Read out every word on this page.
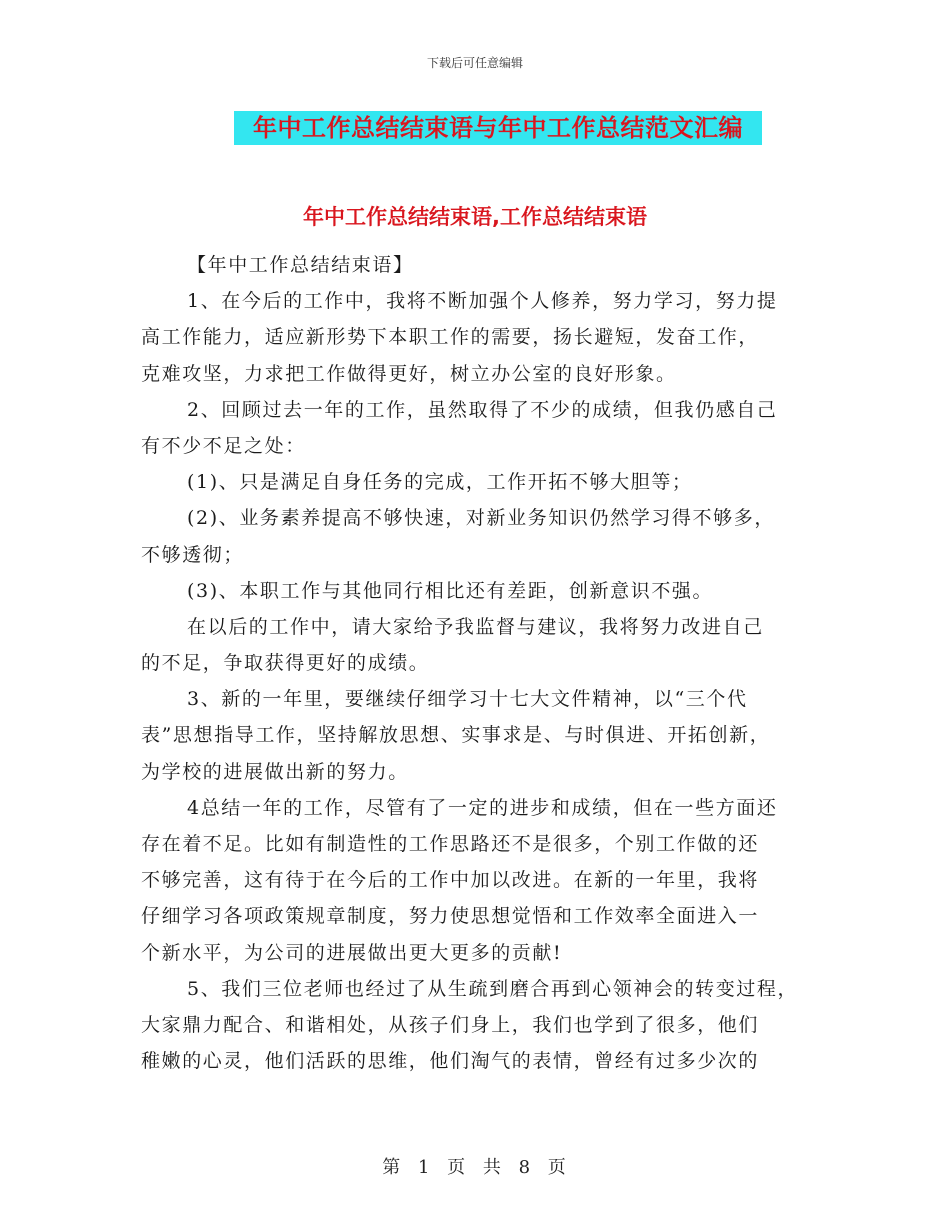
下载后可任意编辑
年中工作总结结束语与年中工作总结范文汇编
年中工作总结结束语,工作总结结束语
【年中工作总结结束语】
1、在今后的工作中，我将不断加强个人修养，努力学习，努力提
高工作能力，适应新形势下本职工作的需要，扬长避短，发奋工作，
克难攻坚，力求把工作做得更好，树立办公室的良好形象。
2、回顾过去一年的工作，虽然取得了不少的成绩，但我仍感自己
有不少不足之处：
(1)、只是满足自身任务的完成，工作开拓不够大胆等；
(2)、业务素养提高不够快速，对新业务知识仍然学习得不够多，
不够透彻；
(3)、本职工作与其他同行相比还有差距，创新意识不强。
在以后的工作中，请大家给予我监督与建议，我将努力改进自己
的不足，争取获得更好的成绩。
3、新的一年里，要继续仔细学习十七大文件精神，以“三个代
表”思想指导工作，坚持解放思想、实事求是、与时俱进、开拓创新，
为学校的进展做出新的努力。
4总结一年的工作，尽管有了一定的进步和成绩，但在一些方面还
存在着不足。比如有制造性的工作思路还不是很多，个别工作做的还
不够完善，这有待于在今后的工作中加以改进。在新的一年里，我将
仔细学习各项政策规章制度，努力使思想觉悟和工作效率全面进入一
个新水平，为公司的进展做出更大更多的贡献!
5、我们三位老师也经过了从生疏到磨合再到心领神会的转变过程，
大家鼎力配合、和谐相处，从孩子们身上，我们也学到了很多，他们
稚嫩的心灵，他们活跃的思维，他们淘气的表情，曾经有过多少次的
第 1 页 共 8 页
